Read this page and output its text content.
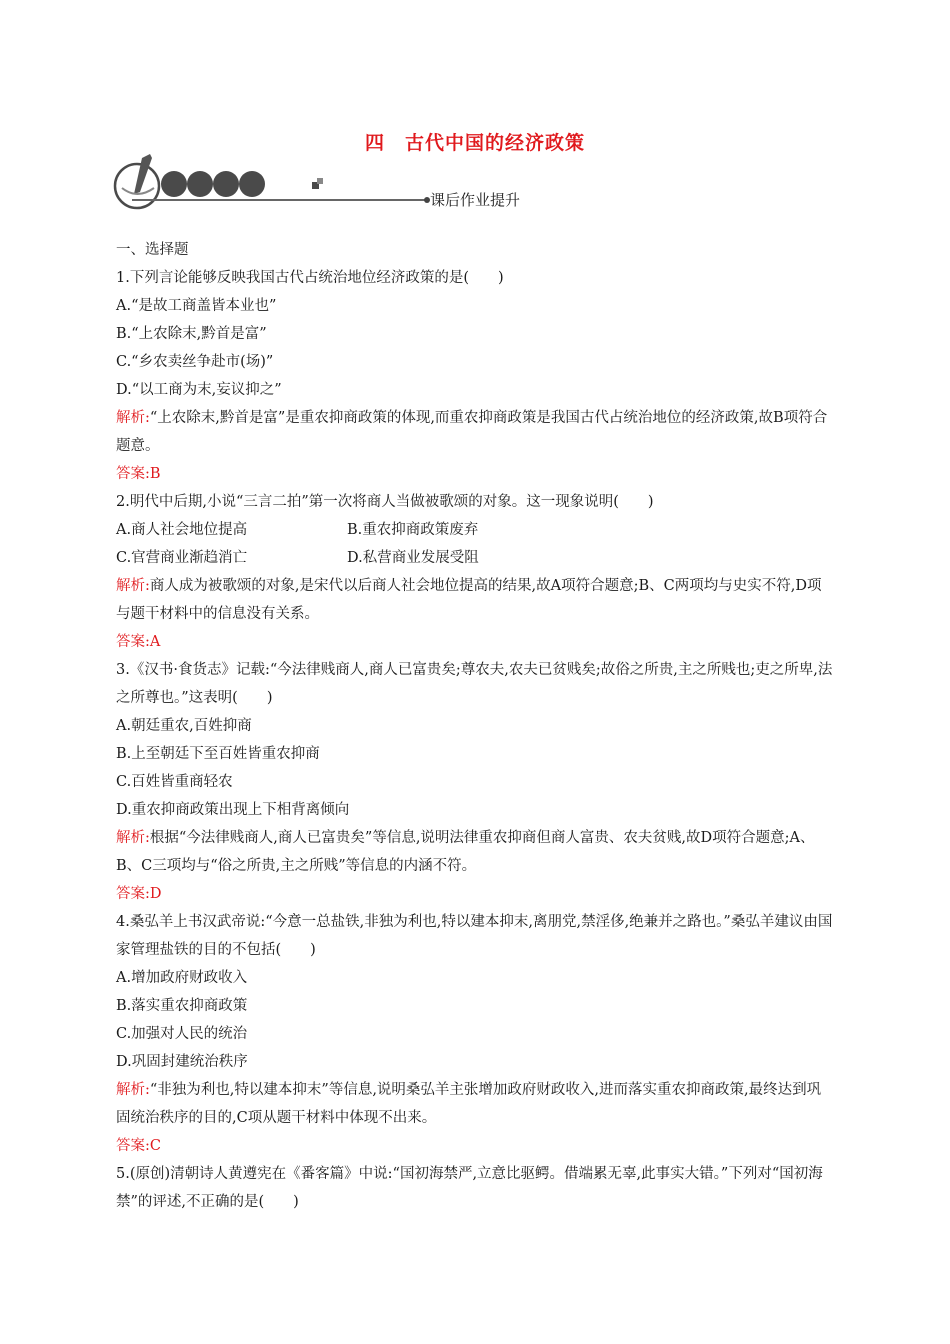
四　古代中国的经济政策
课后作业提升
一、选择题
1.下列言论能够反映我国古代占统治地位经济政策的是(　　)
A.“是故工商盖皆本业也”
B.“上农除末,黔首是富”
C.“乡农卖丝争赴市(场)”
D.“以工商为末,妄议抑之”
解析:“上农除末,黔首是富”是重农抑商政策的体现,而重农抑商政策是我国古代占统治地位的经济政策,故B项符合题意。
答案:B
2.明代中后期,小说“三言二拍”第一次将商人当做被歌颂的对象。这一现象说明(　　)
A.商人社会地位提高	B.重农抑商政策废弃
C.官营商业渐趋消亡	D.私营商业发展受阻
解析:商人成为被歌颂的对象,是宋代以后商人社会地位提高的结果,故A项符合题意;B、C两项均与史实不符,D项与题干材料中的信息没有关系。
答案:A
3.《汉书·食货志》记载:“今法律贱商人,商人已富贵矣;尊农夫,农夫已贫贱矣;故俗之所贵,主之所贱也;吏之所卑,法之所尊也。”这表明(　　)
A.朝廷重农,百姓抑商
B.上至朝廷下至百姓皆重农抑商
C.百姓皆重商轻农
D.重农抑商政策出现上下相背离倾向
解析:根据“今法律贱商人,商人已富贵矣”等信息,说明法律重农抑商但商人富贵、农夫贫贱,故D项符合题意;A、B、C三项均与“俗之所贵,主之所贱”等信息的内涵不符。
答案:D
4.桑弘羊上书汉武帝说:“今意一总盐铁,非独为利也,特以建本抑末,离朋党,禁淫侈,绝兼并之路也。”桑弘羊建议由国家管理盐铁的目的不包括(　　)
A.增加政府财政收入
B.落实重农抑商政策
C.加强对人民的统治
D.巩固封建统治秩序
解析:“非独为利也,特以建本抑末”等信息,说明桑弘羊主张增加政府财政收入,进而落实重农抑商政策,最终达到巩固统治秩序的目的,C项从题干材料中体现不出来。
答案:C
5.(原创)清朝诗人黄遵宪在《番客篇》中说:“国初海禁严,立意比驱鳄。借端累无辜,此事实大错。”下列对“国初海禁”的评述,不正确的是(　　)
